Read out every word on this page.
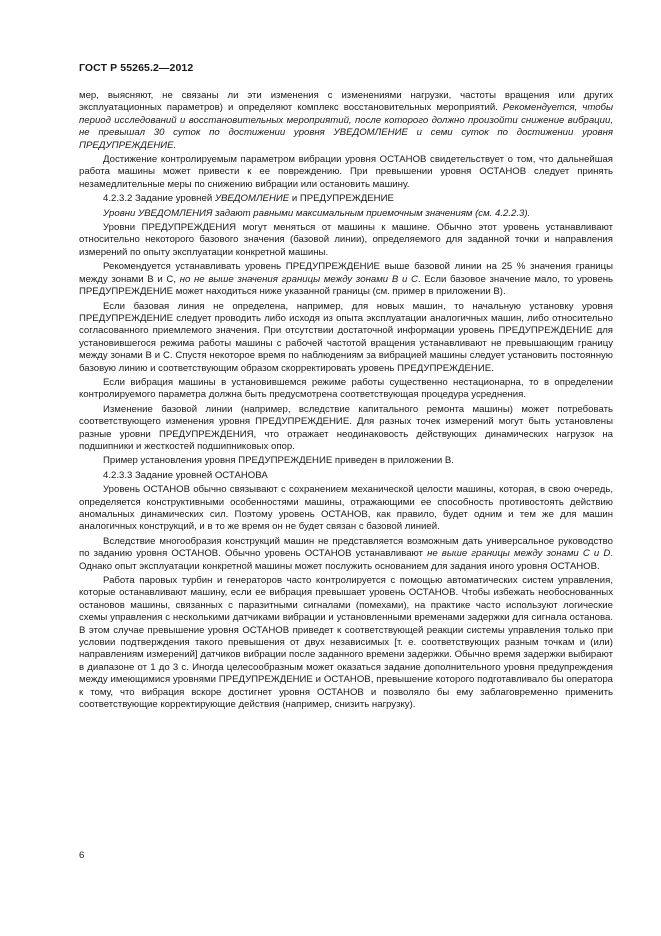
ГОСТ Р 55265.2—2012

мер, выясняют, не связаны ли эти изменения с изменениями нагрузки, частоты вращения или других эксплуатационных параметров) и определяют комплекс восстановительных мероприятий. Рекомендуется, чтобы период исследований и восстановительных мероприятий, после которого должно произойти снижение вибрации, не превышал 30 суток по достижении уровня УВЕДОМЛЕНИЕ и семи суток по достижении уровня ПРЕДУПРЕЖДЕНИЕ.

Достижение контролируемым параметром вибрации уровня ОСТАНОВ свидетельствует о том, что дальнейшая работа машины может привести к ее повреждению. При превышении уровня ОСТАНОВ следует принять незамедлительные меры по снижению вибрации или остановить машину.

4.2.3.2 Задание уровней УВЕДОМЛЕНИЕ и ПРЕДУПРЕЖДЕНИЕ

Уровни УВЕДОМЛЕНИЯ задают равными максимальным приемочным значениям (см. 4.2.2.3).

Уровни ПРЕДУПРЕЖДЕНИЯ могут меняться от машины к машине. Обычно этот уровень устанавливают относительно некоторого базового значения (базовой линии), определяемого для заданной точки и направления измерений по опыту эксплуатации конкретной машины.

Рекомендуется устанавливать уровень ПРЕДУПРЕЖДЕНИЕ выше базовой линии на 25 % значения границы между зонами В и С, но не выше значения границы между зонами В и С. Если базовое значение мало, то уровень ПРЕДУПРЕЖДЕНИЕ может находиться ниже указанной границы (см. пример в приложении В).

Если базовая линия не определена, например, для новых машин, то начальную установку уровня ПРЕДУПРЕЖДЕНИЕ следует проводить либо исходя из опыта эксплуатации аналогичных машин, либо относительно согласованного приемлемого значения. При отсутствии достаточной информации уровень ПРЕДУПРЕЖДЕНИЕ для установившегося режима работы машины с рабочей частотой вращения устанавливают не превышающим границу между зонами В и С. Спустя некоторое время по наблюдениям за вибрацией машины следует установить постоянную базовую линию и соответствующим образом скорректировать уровень ПРЕДУПРЕЖДЕНИЕ.

Если вибрация машины в установившемся режиме работы существенно нестационарна, то в определении контролируемого параметра должна быть предусмотрена соответствующая процедура усреднения.

Изменение базовой линии (например, вследствие капитального ремонта машины) может потребовать соответствующего изменения уровня ПРЕДУПРЕЖДЕНИЕ. Для разных точек измерений могут быть установлены разные уровни ПРЕДУПРЕЖДЕНИЯ, что отражает неодинаковость действующих динамических нагрузок на подшипники и жесткостей подшипниковых опор.

Пример установления уровня ПРЕДУПРЕЖДЕНИЕ приведен в приложении В.

4.2.3.3 Задание уровней ОСТАНОВА

Уровень ОСТАНОВ обычно связывают с сохранением механической целости машины, которая, в свою очередь, определяется конструктивными особенностями машины, отражающими ее способность противостоять действию аномальных динамических сил. Поэтому уровень ОСТАНОВ, как правило, будет одним и тем же для машин аналогичных конструкций, и в то же время он не будет связан с базовой линией.

Вследствие многообразия конструкций машин не представляется возможным дать универсальное руководство по заданию уровня ОСТАНОВ. Обычно уровень ОСТАНОВ устанавливают не выше границы между зонами С и D. Однако опыт эксплуатации конкретной машины может послужить основанием для задания иного уровня ОСТАНОВ.

Работа паровых турбин и генераторов часто контролируется с помощью автоматических систем управления, которые останавливают машину, если ее вибрация превышает уровень ОСТАНОВ. Чтобы избежать необоснованных остановов машины, связанных с паразитными сигналами (помехами), на практике часто используют логические схемы управления с несколькими датчиками вибрации и установленными временами задержки для сигнала останова. В этом случае превышение уровня ОСТАНОВ приведет к соответствующей реакции системы управления только при условии подтверждения такого превышения от двух независимых [т. е. соответствующих разным точкам и (или) направлениям измерений] датчиков вибрации после заданного времени задержки. Обычно время задержки выбирают в диапазоне от 1 до 3 с. Иногда целесообразным может оказаться задание дополнительного уровня предупреждения между имеющимися уровнями ПРЕДУПРЕЖДЕНИЕ и ОСТАНОВ, превышение которого подготавливало бы оператора к тому, что вибрация вскоре достигнет уровня ОСТАНОВ и позволяло бы ему заблаговременно применить соответствующие корректирующие действия (например, снизить нагрузку).

6
